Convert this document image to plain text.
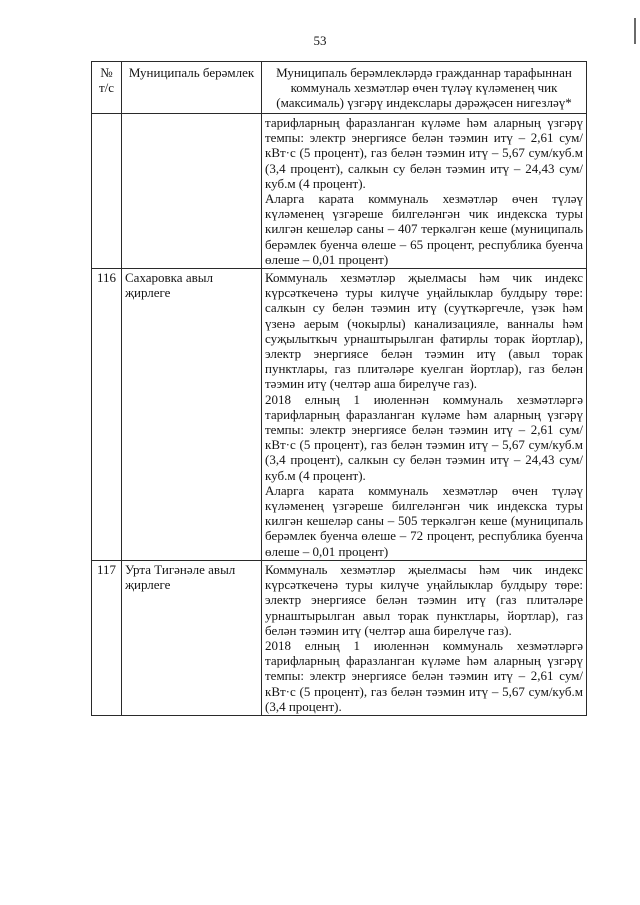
53
№ т/с	Муниципаль берәмлек	Муниципаль берәмлекләрдә гражданнар тарафыннан коммуналь хезмәтләр өчен түләү күләменең чик (максималь) үзгәрү индекслары дәрәҗәсен нигезләү*

		тарифларның фаразланган күләме һәм аларның үзгәрү темпы: электр энергиясе белән тәэмин итү – 2,61 сум/кВт·с (5 процент), газ белән тәэмин итү – 5,67 сум/куб.м (3,4 процент), салкын су белән тәэмин итү – 24,43 сум/куб.м (4 процент).

Аларга карата коммуналь хезмәтләр өчен түләү күләменең үзгәреше билгеләнгән чик индекска туры килгән кешеләр саны – 407 теркәлгән кеше (муниципаль берәмлек буенча өлеше – 65 процент, республика буенча өлеше – 0,01 процент)

116	Сахаровка авыл җирлеге	Коммуналь хезмәтләр җыелмасы һәм чик индекс күрсәткеченә туры килүче уңайлыклар булдыру төре: салкын су белән тәэмин итү (суүткәргечле, үзәк һәм үзенә аерым (чокырлы) канализацияле, ванналы һәм суҗылыткыч урнаштырылган фатирлы торак йортлар), электр энергиясе белән тәэмин итү (авыл торак пунктлары, газ плитәләре куелган йортлар), газ белән тәэмин итү (челтәр аша бирелүче газ).

2018 елның 1 июленнән коммуналь хезмәтләргә тарифларның фаразланган күләме һәм аларның үзгәрү темпы: электр энергиясе белән тәэмин итү – 2,61 сум/кВт·с (5 процент), газ белән тәэмин итү – 5,67 сум/куб.м (3,4 процент), салкын су белән тәэмин итү – 24,43 сум/куб.м (4 процент).

Аларга карата коммуналь хезмәтләр өчен түләү күләменең үзгәреше билгеләнгән чик индекска туры килгән кешеләр саны – 505 теркәлгән кеше (муниципаль берәмлек буенча өлеше – 72 процент, республика буенча өлеше – 0,01 процент)

117	Урта Тигәнәле авыл җирлеге	Коммуналь хезмәтләр җыелмасы һәм чик индекс күрсәткеченә туры килүче уңайлыклар булдыру төре: электр энергиясе белән тәэмин итү (газ плитәләре урнаштырылган авыл торак пунктлары, йортлар), газ белән тәэмин итү (челтәр аша бирелүче газ).

2018 елның 1 июленнән коммуналь хезмәтләргә тарифларның фаразланган күләме һәм аларның үзгәрү темпы: электр энергиясе белән тәэмин итү – 2,61 сум/кВт·с (5 процент), газ белән тәэмин итү – 5,67 сум/куб.м (3,4 процент).
